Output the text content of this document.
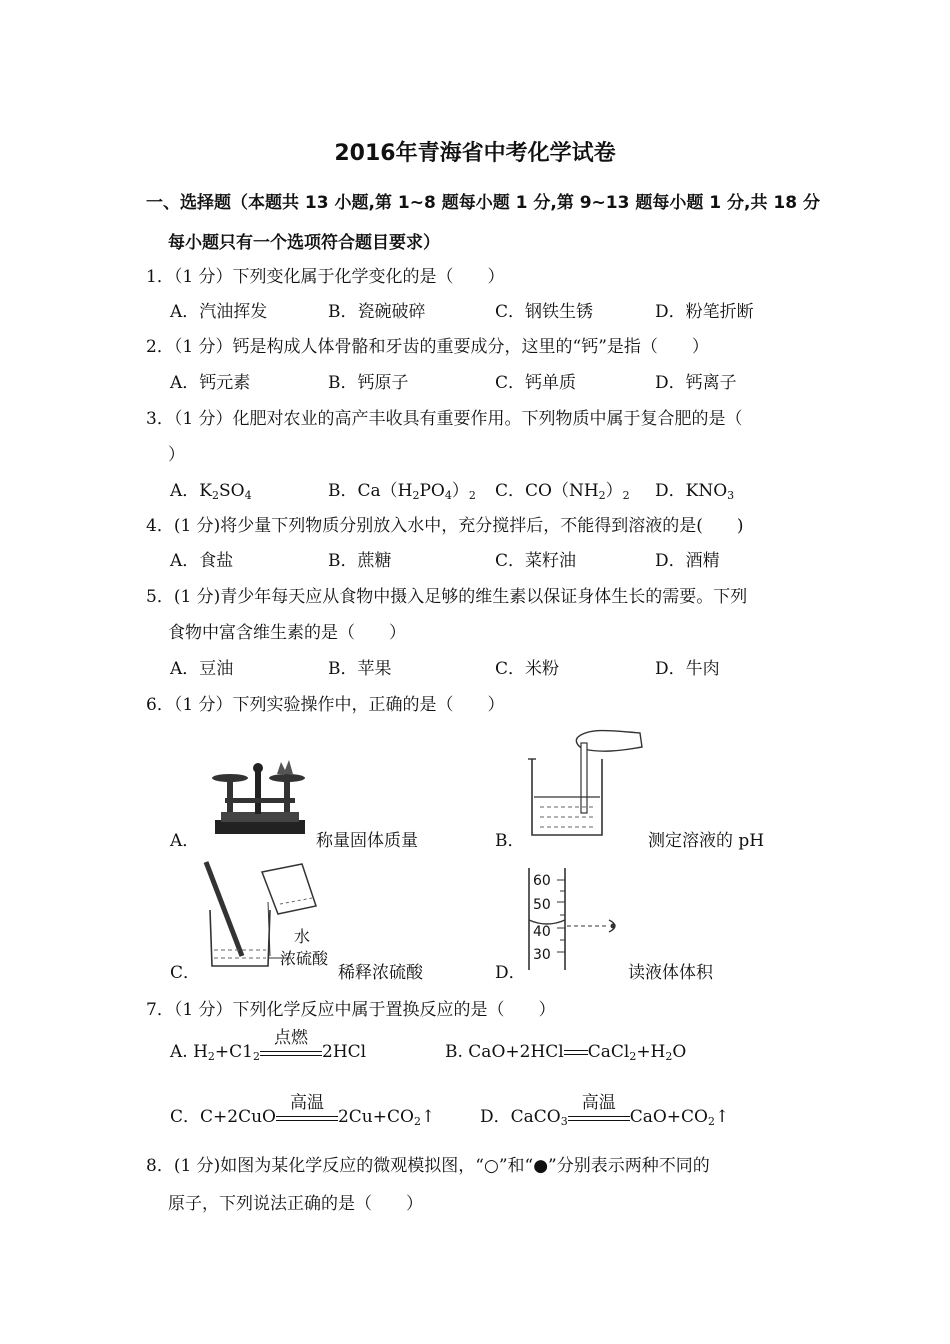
2016年青海省中考化学试卷
一、选择题（本题共 13 小题,第 1~8 题每小题 1 分,第 9~13 题每小题 1 分,共 18 分
每小题只有一个选项符合题目要求）
1．（1 分）下列变化属于化学变化的是（　　）
A．汽油挥发	B．瓷碗破碎	C．钢铁生锈	D．粉笔折断
2．（1 分）钙是构成人体骨骼和牙齿的重要成分，这里的“钙”是指（　　）
A．钙元素	B．钙原子	C．钙单质	D．钙离子
3．（1 分）化肥对农业的高产丰收具有重要作用。下列物质中属于复合肥的是（
）
A．$K_2SO_4$	B．$Ca(H_2PO_4)_2$ C．$CO(NH_2)_2$ D．$KNO_3$
4．(1 分)将少量下列物质分别放入水中，充分搅拌后，不能得到溶液的是(　　)
A．食盐	B．蔗糖	C．菜籽油	D．酒精
5．(1 分)青少年每天应从食物中摄入足够的维生素以保证身体生长的需要。下列
食物中富含维生素的是（　　）
A．豆油	B．苹果	C．米粉	D．牛肉
6．（1 分）下列实验操作中，正确的是（　　）
A．	称量固体质量	B．	测定溶液的 pH
C．
水
浓硫酸
稀释浓硫酸	D．
60
50
40
30
读液体体积
7．（1 分）下列化学反应中属于置换反应的是（　　）
A. $H_2+C1_2$
点燃
2HCl	B. CaO+2HCl $CaCl_2+H_2O$
C．C+2CuO
高温
$2Cu+CO_2↑$	D．CaCO$_3$
高温
$CaO+CO_2↑$
8．(1 分)如图为某化学反应的微观模拟图，“○”和“●”分别表示两种不同的
原子，下列说法正确的是（　　）
